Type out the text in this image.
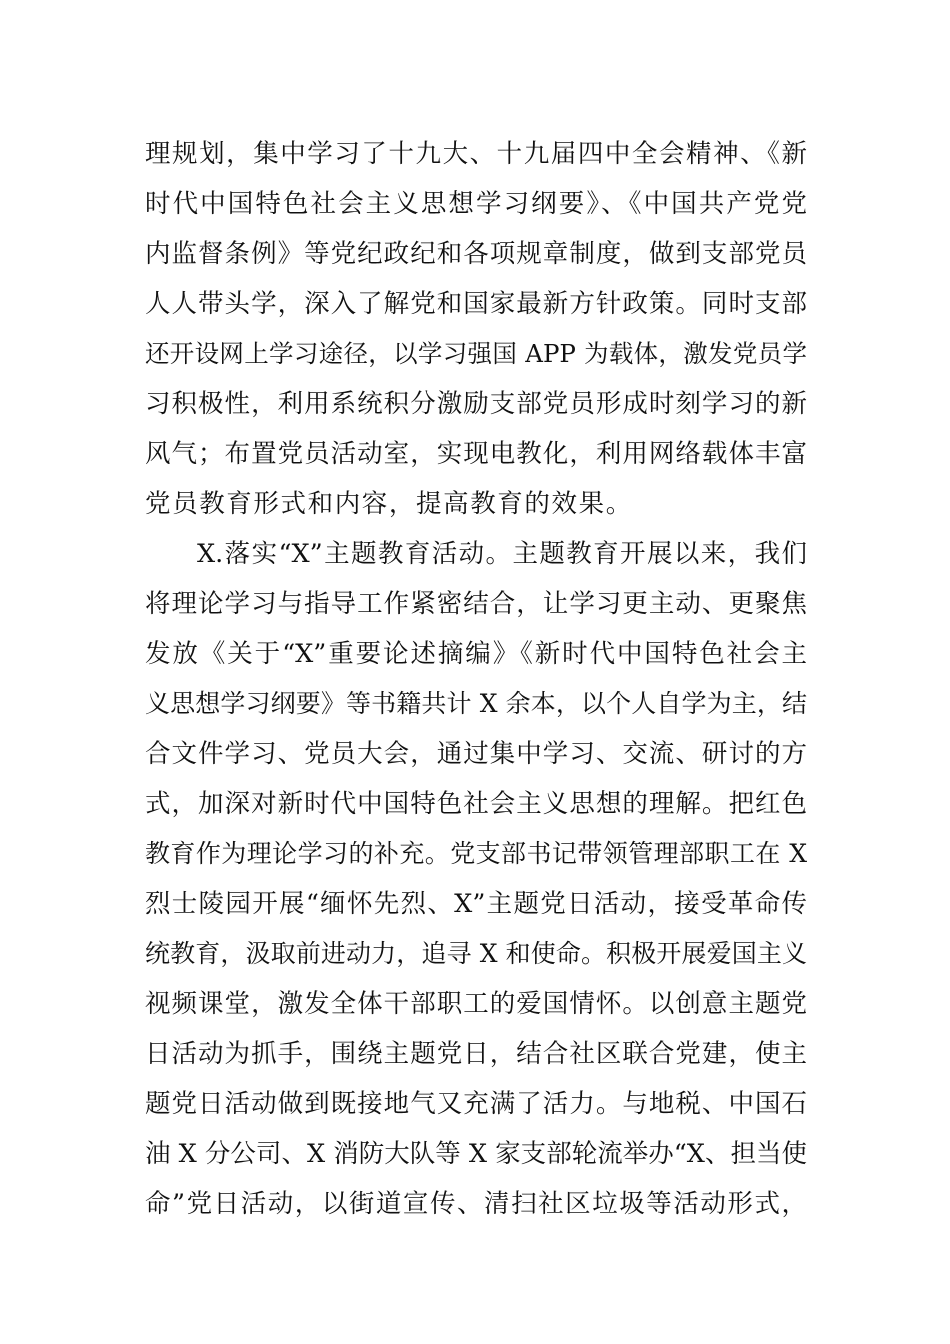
理规划，集中学习了十九大、十九届四中全会精神、《新
时代中国特色社会主义思想学习纲要》、《中国共产党党
内监督条例》等党纪政纪和各项规章制度，做到支部党员
人人带头学，深入了解党和国家最新方针政策。同时支部
还开设网上学习途径，以学习强国 APP 为载体，激发党员学
习积极性，利用系统积分激励支部党员形成时刻学习的新
风气；布置党员活动室，实现电教化，利用网络载体丰富
党员教育形式和内容，提高教育的效果。
X.落实“X”主题教育活动。主题教育开展以来，我们
将理论学习与指导工作紧密结合，让学习更主动、更聚焦
发放《关于“X”重要论述摘编》《新时代中国特色社会主
义思想学习纲要》等书籍共计 X 余本，以个人自学为主，结
合文件学习、党员大会，通过集中学习、交流、研讨的方
式，加深对新时代中国特色社会主义思想的理解。把红色
教育作为理论学习的补充。党支部书记带领管理部职工在 X
烈士陵园开展“缅怀先烈、X”主题党日活动，接受革命传
统教育，汲取前进动力，追寻 X 和使命。积极开展爱国主义
视频课堂，激发全体干部职工的爱国情怀。以创意主题党
日活动为抓手，围绕主题党日，结合社区联合党建，使主
题党日活动做到既接地气又充满了活力。与地税、中国石
油 X 分公司、X 消防大队等 X 家支部轮流举办“X、担当使
命”党日活动，以街道宣传、清扫社区垃圾等活动形式，
